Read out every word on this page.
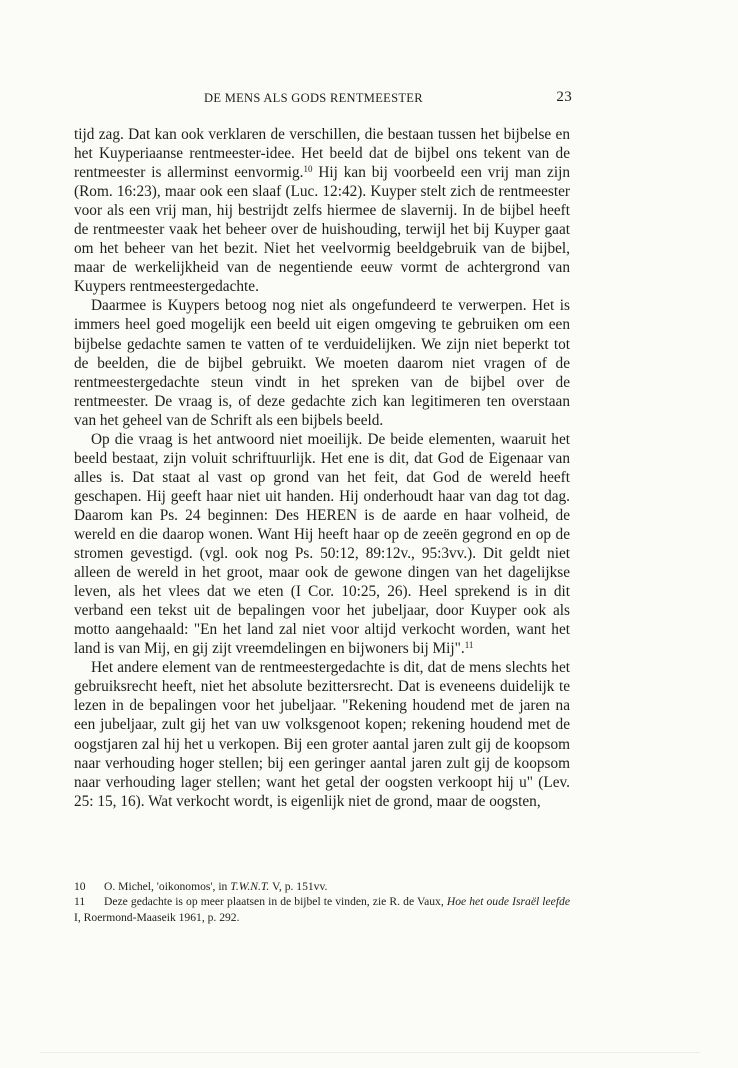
DE MENS ALS GODS RENTMEESTER	23

tijd zag. Dat kan ook verklaren de verschillen, die bestaan tussen het bijbelse en het Kuyperiaanse rentmeester-idee. Het beeld dat de bijbel ons tekent van de rentmeester is allerminst eenvormig.$^{10}$ Hij kan bij voorbeeld een vrij man zijn (Rom. 16:23), maar ook een slaaf (Luc. 12:42). Kuyper stelt zich de rentmeester voor als een vrij man, hij bestrijdt zelfs hiermee de slavernij. In de bijbel heeft de rentmeester vaak het beheer over de huishouding, terwijl het bij Kuyper gaat om het beheer van het bezit. Niet het veelvormig beeldgebruik van de bijbel, maar de werkelijkheid van de negentiende eeuw vormt de achtergrond van Kuypers rentmeestergedachte.

Daarmee is Kuypers betoog nog niet als ongefundeerd te verwerpen. Het is immers heel goed mogelijk een beeld uit eigen omgeving te gebruiken om een bijbelse gedachte samen te vatten of te verduidelijken. We zijn niet beperkt tot de beelden, die de bijbel gebruikt. We moeten daarom niet vragen of de rentmeestergedachte steun vindt in het spreken van de bijbel over de rentmeester. De vraag is, of deze gedachte zich kan legitimeren ten overstaan van het geheel van de Schrift als een bijbels beeld.

Op die vraag is het antwoord niet moeilijk. De beide elementen, waaruit het beeld bestaat, zijn voluit schriftuurlijk. Het ene is dit, dat God de Eigenaar van alles is. Dat staat al vast op grond van het feit, dat God de wereld heeft geschapen. Hij geeft haar niet uit handen. Hij onderhoudt haar van dag tot dag. Daarom kan Ps. 24 beginnen: Des HEREN is de aarde en haar volheid, de wereld en die daarop wonen. Want Hij heeft haar op de zeeën gegrond en op de stromen gevestigd. (vgl. ook nog Ps. 50:12, 89:12v., 95:3vv.). Dit geldt niet alleen de wereld in het groot, maar ook de gewone dingen van het dagelijkse leven, als het vlees dat we eten (I Cor. 10:25, 26). Heel sprekend is in dit verband een tekst uit de bepalingen voor het jubeljaar, door Kuyper ook als motto aangehaald: "En het land zal niet voor altijd verkocht worden, want het land is van Mij, en gij zijt vreemdelingen en bijwoners bij Mij".$^{11}$

Het andere element van de rentmeestergedachte is dit, dat de mens slechts het gebruiksrecht heeft, niet het absolute bezittersrecht. Dat is eveneens duidelijk te lezen in de bepalingen voor het jubeljaar. "Rekening houdend met de jaren na een jubeljaar, zult gij het van uw volksgenoot kopen; rekening houdend met de oogstjaren zal hij het u verkopen. Bij een groter aantal jaren zult gij de koopsom naar verhouding hoger stellen; bij een geringer aantal jaren zult gij de koopsom naar verhouding lager stellen; want het getal der oogsten verkoopt hij u" (Lev. 25: 15, 16). Wat verkocht wordt, is eigenlijk niet de grond, maar de oogsten,

10 O. Michel, 'oikonomos', in T.W.N.T. V, p. 151vv.

11 Deze gedachte is op meer plaatsen in de bijbel te vinden, zie R. de Vaux, Hoe het oude Israël leefde I, Roermond-Maaseik 1961, p. 292.
